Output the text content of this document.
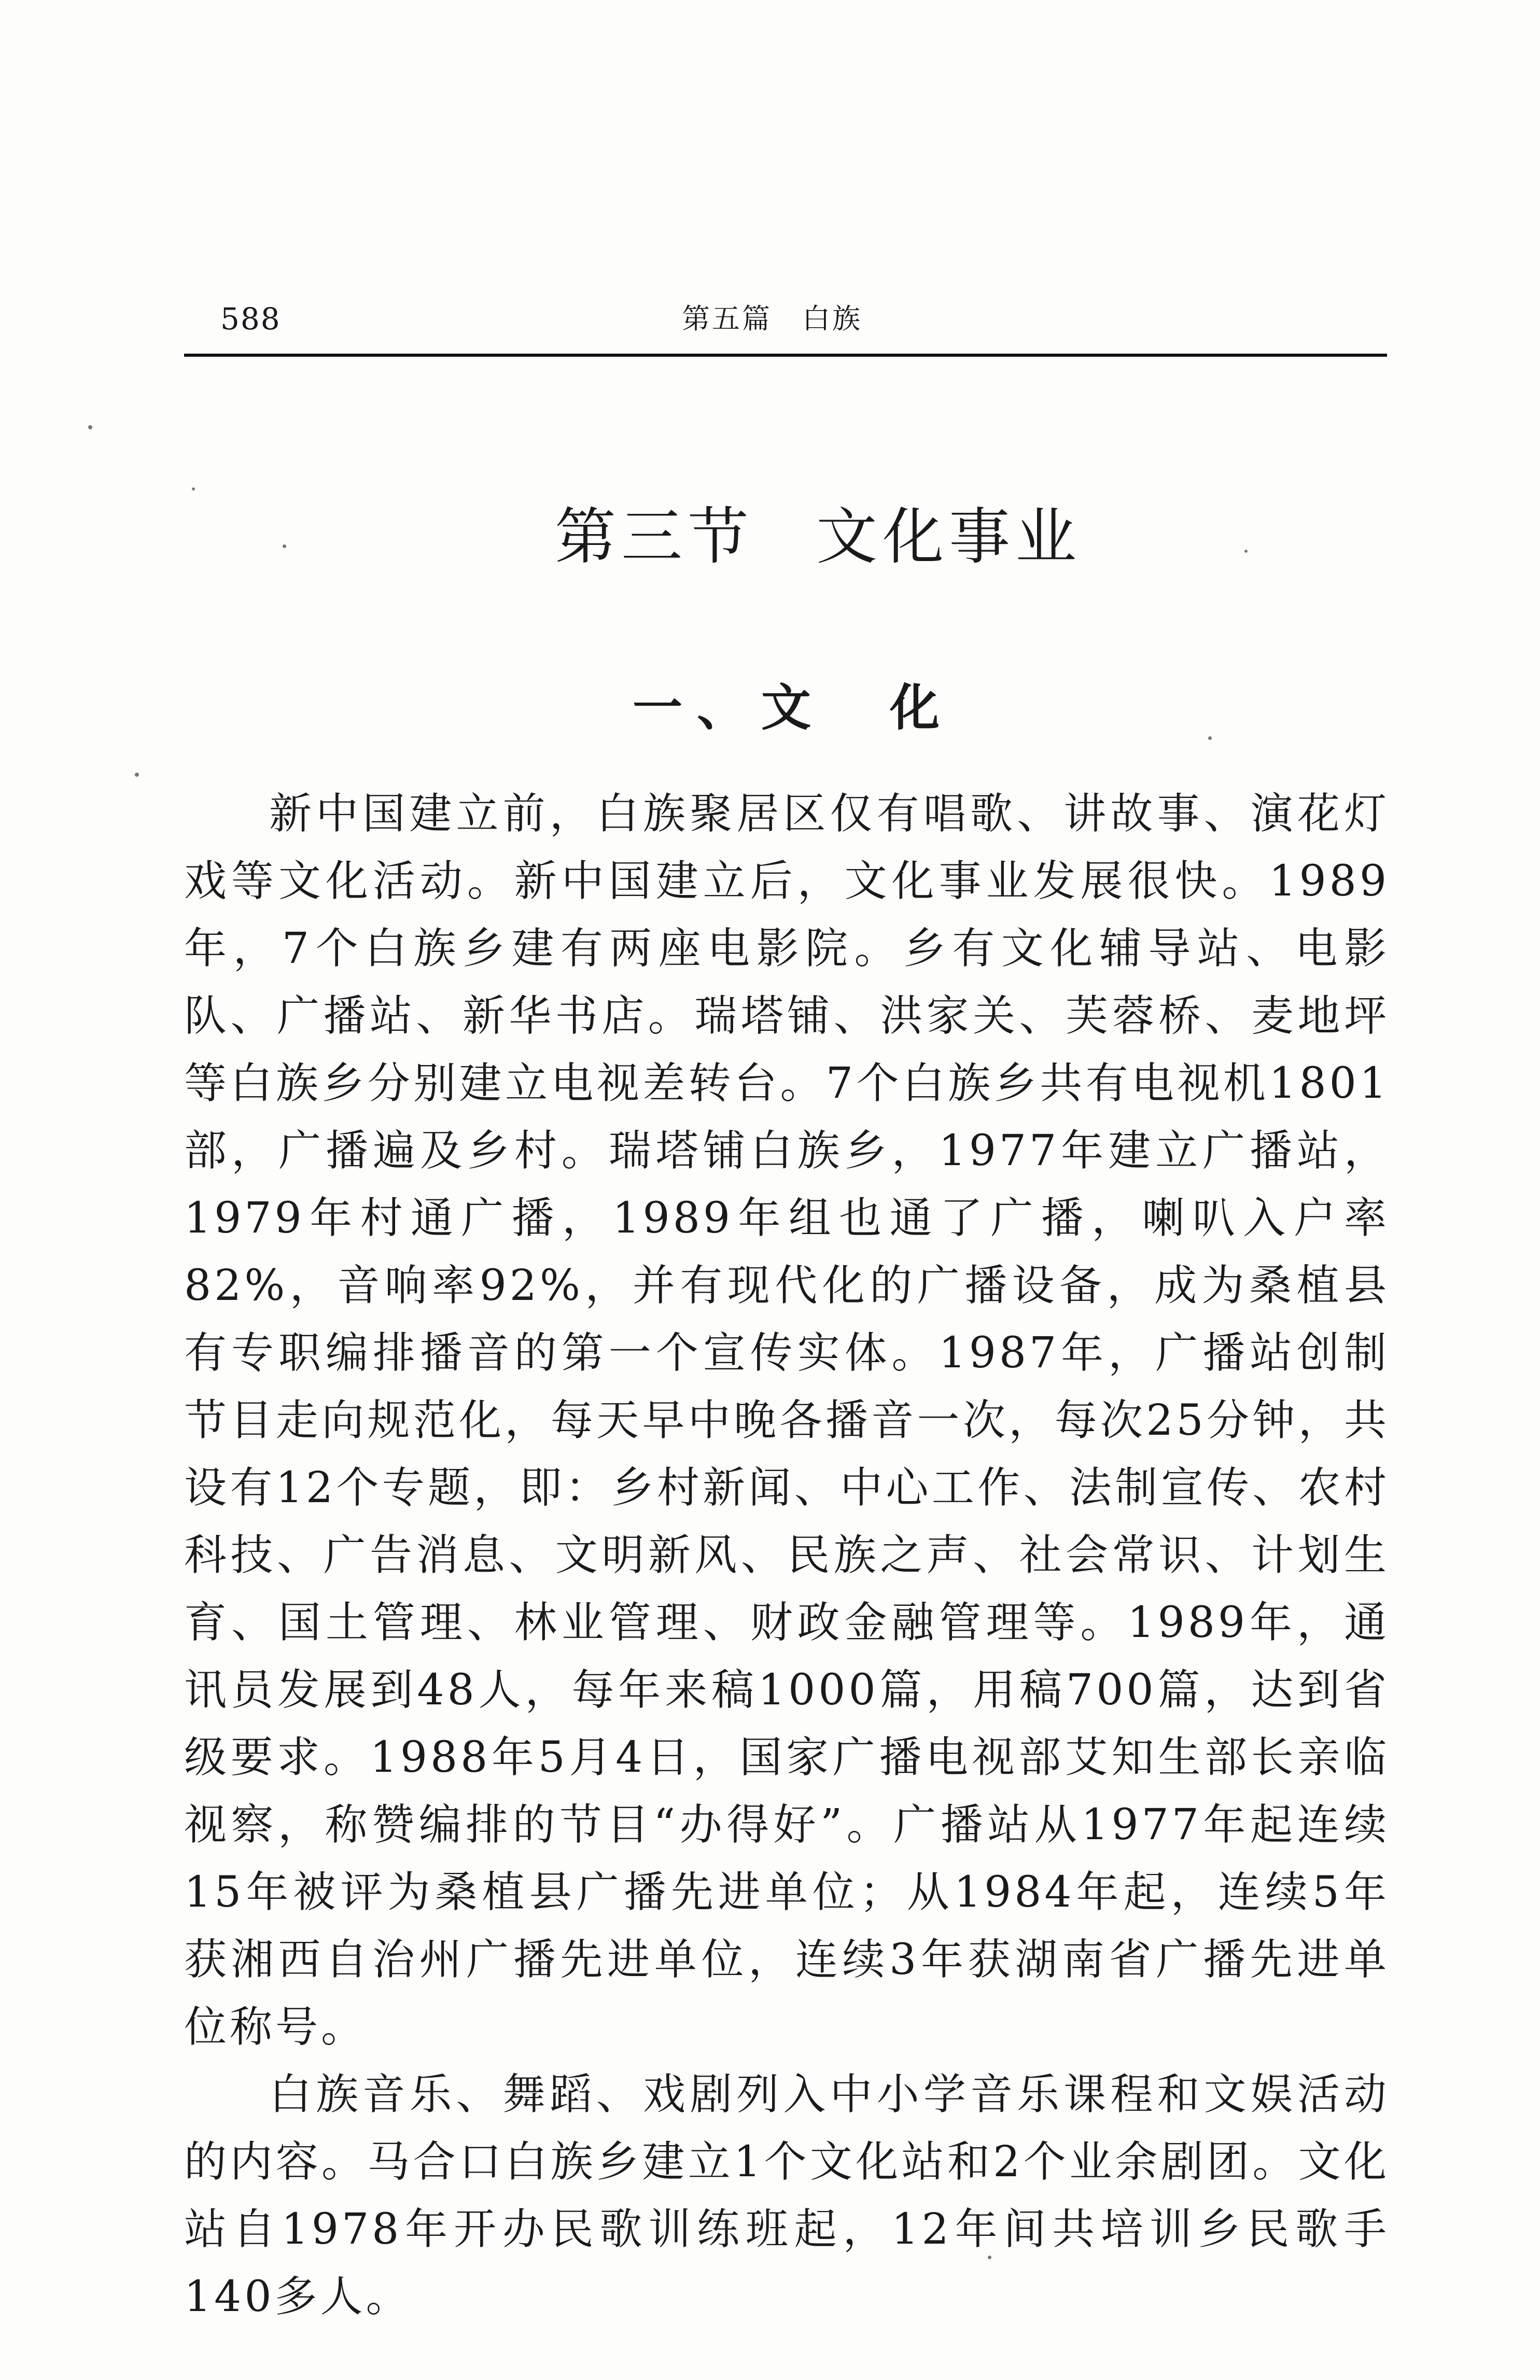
588	第五篇　白族
第三节 文化事业
一、文　化

新中国建立前，白族聚居区仅有唱歌、讲故事、演花灯戏等文化活动。新中国建立后，文化事业发展很快。1989年，7个白族乡建有两座电影院。乡有文化辅导站、电影队、广播站、新华书店。瑞塔铺、洪家关、芙蓉桥、麦地坪等白族乡分别建立电视差转台。7个白族乡共有电视机1801部，广播遍及乡村。瑞塔铺白族乡，1977年建立广播站，1979年村通广播，1989年组也通了广播，喇叭入户率82%，音响率92%，并有现代化的广播设备，成为桑植县有专职编排播音的第一个宣传实体。1987年，广播站创制节目走向规范化，每天早中晚各播音一次，每次25分钟，共设有12个专题，即：乡村新闻、中心工作、法制宣传、农村科技、广告消息、文明新风、民族之声、社会常识、计划生育、国土管理、林业管理、财政金融管理等。1989年，通讯员发展到48人，每年来稿1000篇，用稿700篇，达到省级要求。1988年5月4日，国家广播电视部艾知生部长亲临视察，称赞编排的节目“办得好”。广播站从1977年起连续15年被评为桑植县广播先进单位；从1984年起，连续5年获湘西自治州广播先进单位，连续3年获湖南省广播先进单位称号。

白族音乐、舞蹈、戏剧列入中小学音乐课程和文娱活动的内容。马合口白族乡建立1个文化站和2个业余剧团。文化站自1978年开办民歌训练班起，12年间共培训乡民歌手140多人。
